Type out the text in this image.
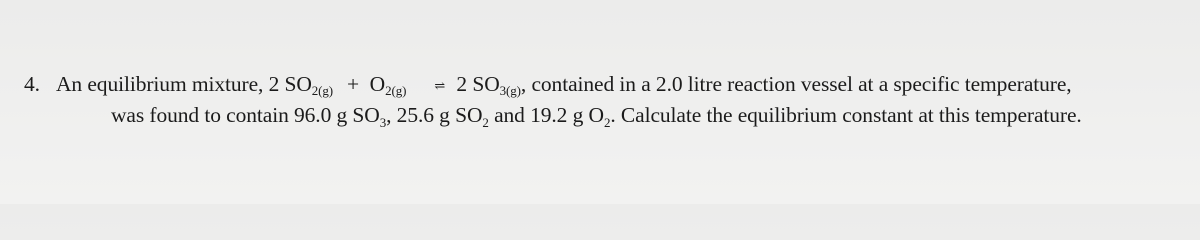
4. An equilibrium mixture, 2 SO2(g) + O2(g) ⇌ 2 SO3(g), contained in a 2.0 litre reaction vessel at a specific temperature,
was found to contain 96.0 g $SO_3$, 25.6 g $SO_2$ and 19.2 g $O_2$. Calculate the equilibrium constant at this temperature.
